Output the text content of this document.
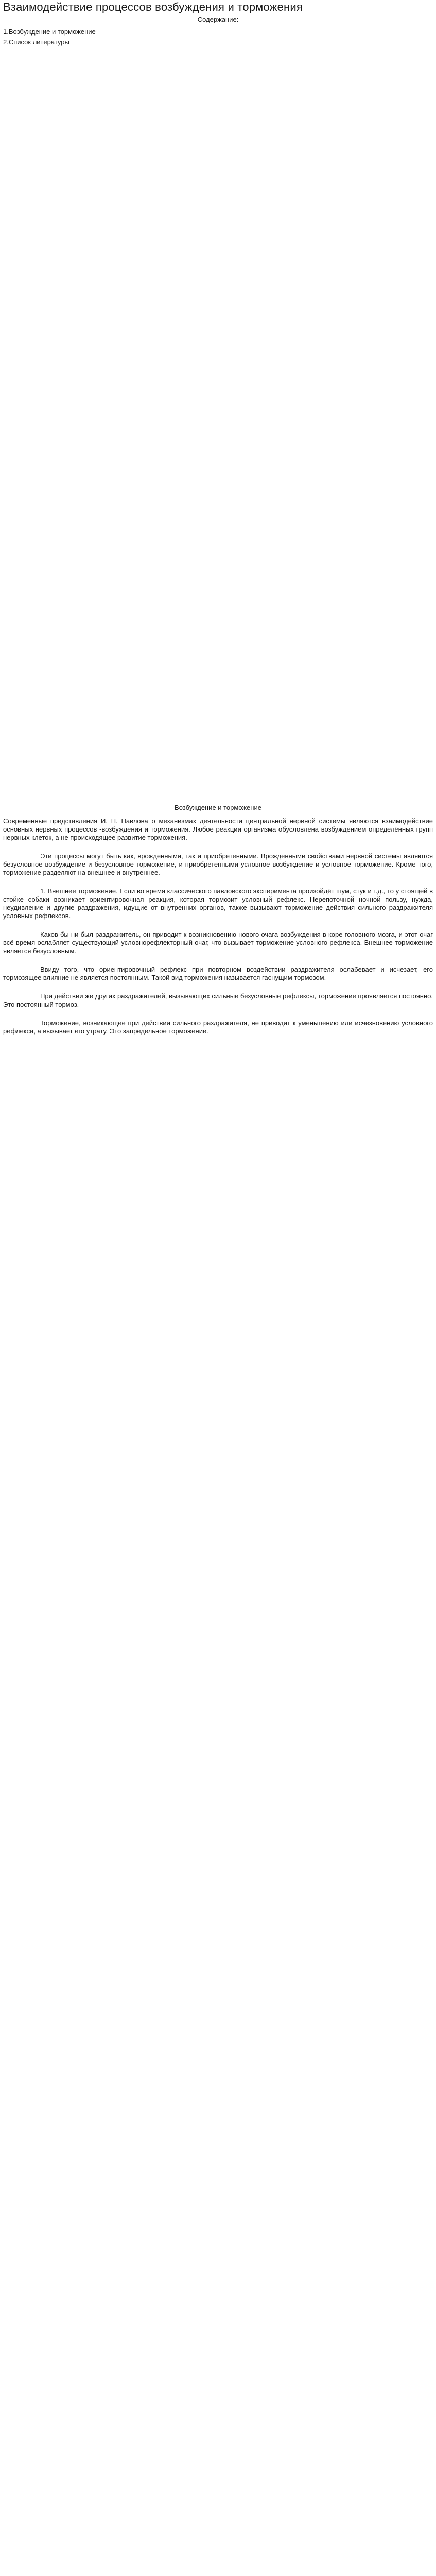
Взаимодействие процессов возбуждения и торможения
Содержание:
1.Возбуждение и торможение
2.Список литературы
Возбуждение и торможение

Современные представления И. П. Павлова о механизмах деятельности центральной нервной системы являются взаимодействие основных нервных процессов -возбуждения и торможения. Любое реакции организма обусловлена возбуждением определённых групп нервных клеток, а не происходящее развитие торможения.

Эти процессы могут быть как, врожденными, так и приобретенными. Врожденными свойствами нервной системы являются безусловное возбуждение и безусловное торможение, и приобретенными условное возбуждение и условное торможение. Кроме того, торможение разделяют на внешнее и внутреннее.

1. Внешнее торможение. Если во время классического павловского эксперимента произойдёт шум, стук и т.д., то у стоящей в стойке собаки возникает ориентировочная реакция, которая тормозит условный рефлекс. Перепоточной ночной пользу, нужда, неудивление и другие раздражения, идущие от внутренних органов, также вызывают торможение действия сильного раздражителя условных рефлексов.

Каков бы ни был раздражитель, он приводит к возникновению нового очага возбуждения в коре головного мозга, и этот очаг всё время ослабляет существующий условнорефлекторный очаг, что вызывает торможение условного рефлекса. Внешнее торможение является безусловным.

Ввиду того, что ориентировочный рефлекс при повторном воздействии раздражителя ослабевает и исчезает, его тормозящее влияние не является постоянным. Такой вид торможения называется гаснущим тормозом.

При действии же других раздражителей, вызывающих сильные безусловные рефлексы, торможение проявляется постоянно. Это постоянный тормоз.

Торможение, возникающее при действии сильного раздражителя, не приводит к уменьшению или исчезновению условного рефлекса, а вызывает его утрату. Это запредельное торможение.
